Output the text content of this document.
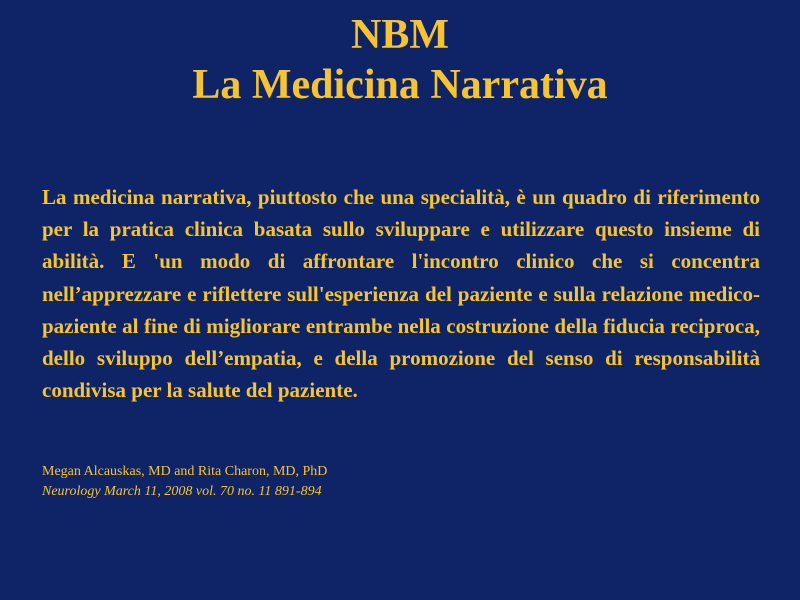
NBM
La Medicina Narrativa

La medicina narrativa, piuttosto che una specialità, è un quadro di riferimento per la pratica clinica basata sullo sviluppare e utilizzare questo insieme di abilità. E 'un modo di affrontare l'incontro clinico che si concentra nell’apprezzare e riflettere sull'esperienza del paziente e sulla relazione medico-paziente al fine di migliorare entrambe nella costruzione della fiducia reciproca, dello sviluppo dell’empatia, e della promozione del senso di responsabilità condivisa per la salute del paziente.

Megan Alcauskas, MD and Rita Charon, MD, PhD
Neurology March 11, 2008 vol. 70 no. 11 891-894
